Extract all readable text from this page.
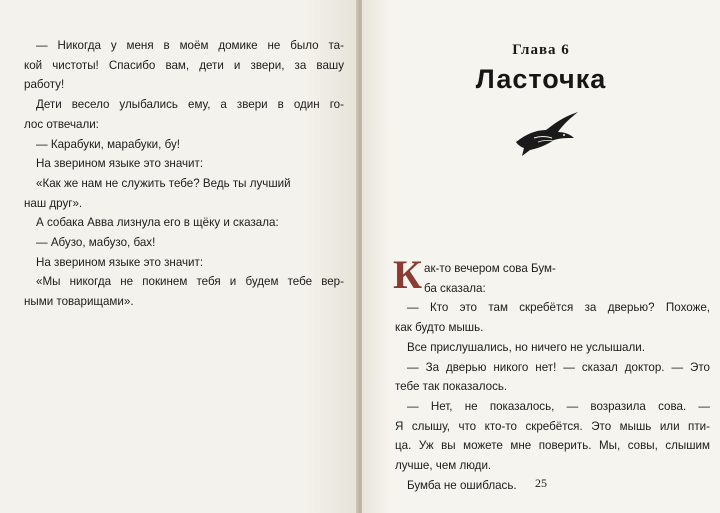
— Никогда у меня в моём домике не было та-
кой чистоты! Спасибо вам, дети и звери, за вашу
работу!
Дети весело улыбались ему, а звери в один го-
лос отвечали:
— Карабуки, марабуки, бу!
На зверином языке это значит:
«Как же нам не служить тебе? Ведь ты лучший
наш друг».
А собака Авва лизнула его в щёку и сказала:
— Абузо, мабузо, бах!
На зверином языке это значит:
«Мы никогда не покинем тебя и будем тебе вер-
ными товарищами».
Глава 6
Ласточка
К ак-то вечером сова Бум-
ба сказала:
— Кто это там скребётся за дверью? Похоже,
как будто мышь.
Все прислушались, но ничего не услышали.
— За дверью никого нет! — сказал доктор. — Это
тебе так показалось.
— Нет, не показалось, — возразила сова. —
Я слышу, что кто-то скребётся. Это мышь или пти-
ца. Уж вы можете мне поверить. Мы, совы, слышим
лучше, чем люди.
Бумба не ошиблась.	25
